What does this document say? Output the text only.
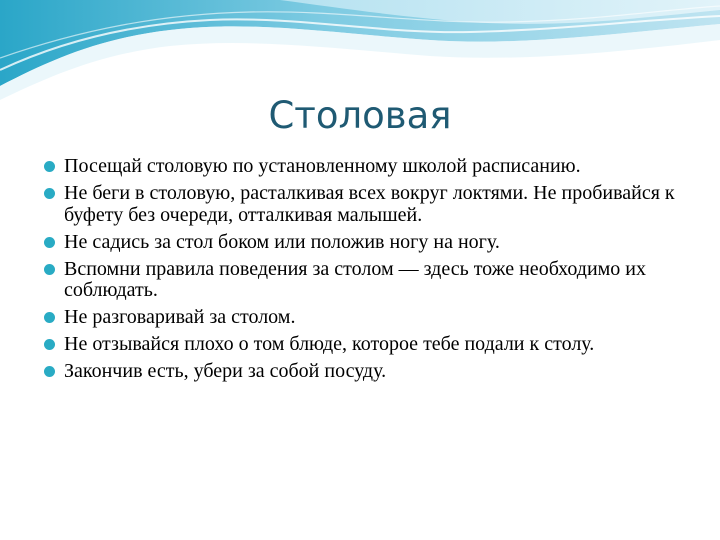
Столовая
Посещай столовую по установленному школой расписанию.
Не беги в столовую, расталкивая всех вокруг локтями. Не пробивайся к буфету без очереди, отталкивая малышей.
Не садись за стол боком или положив ногу на ногу.
Вспомни правила поведения за столом — здесь тоже необходимо их соблюдать.
Не разговаривай за столом.
Не отзывайся плохо о том блюде, которое тебе подали к столу.
Закончив есть, убери за собой посуду.
